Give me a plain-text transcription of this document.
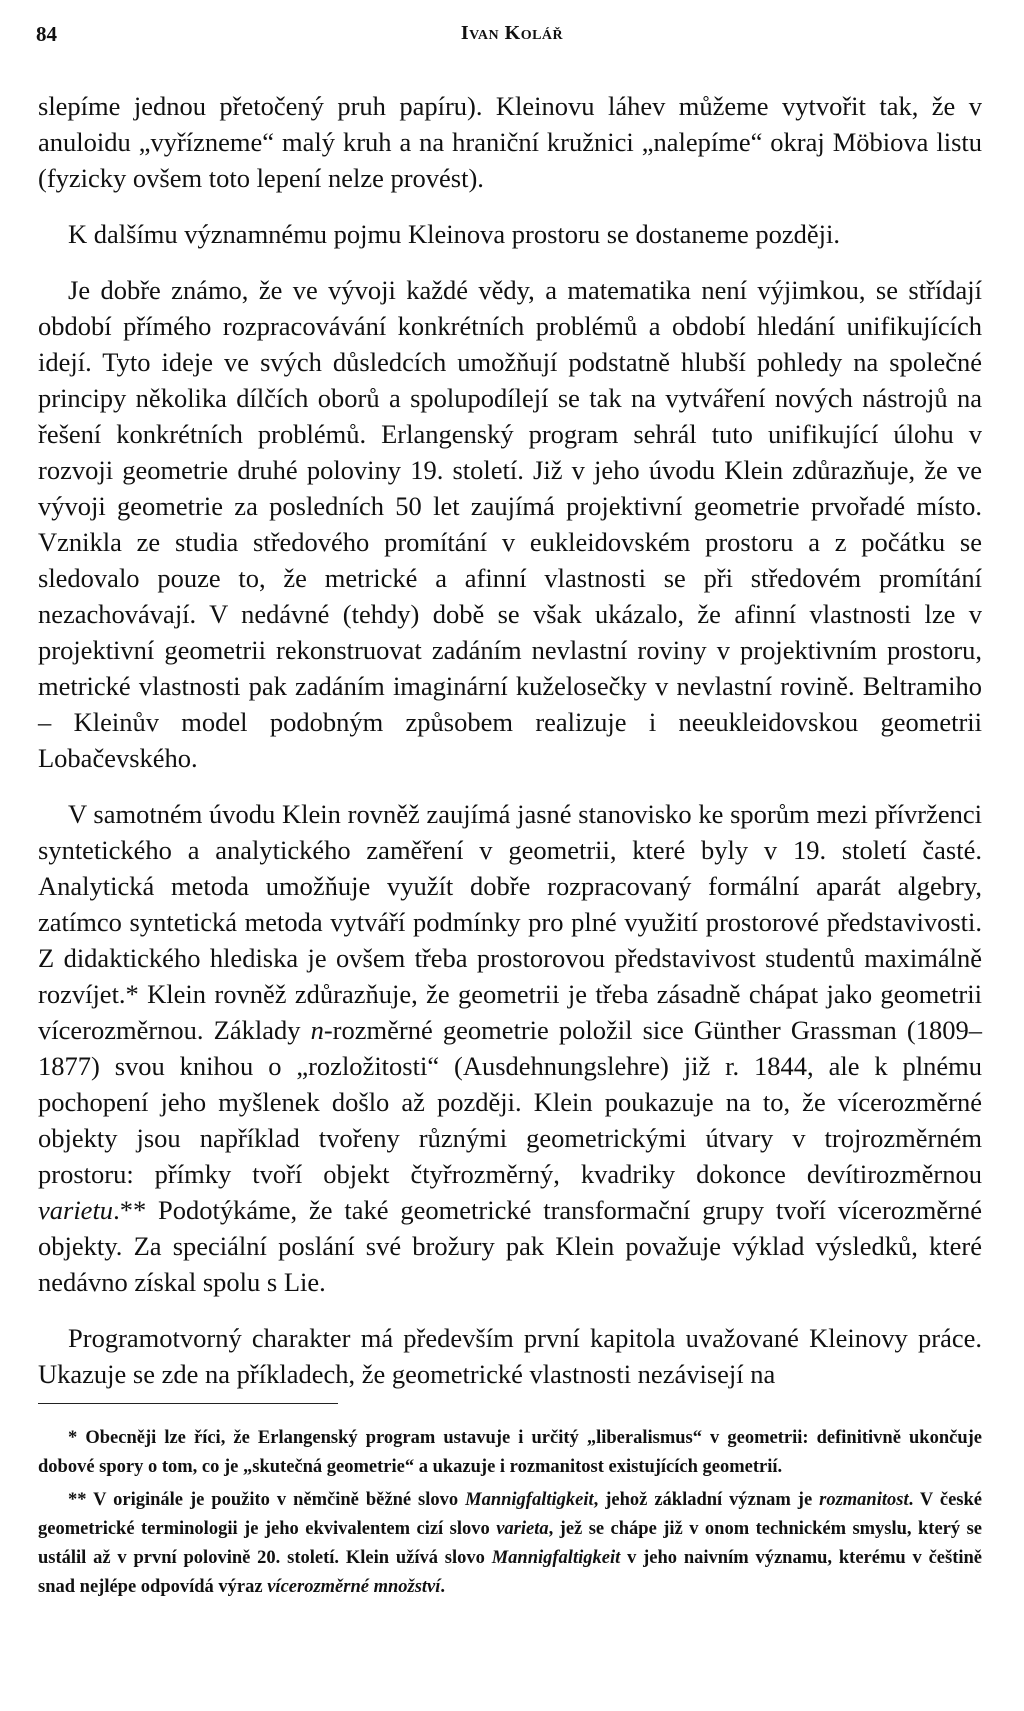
84	Ivan Kolář

slepíme jednou přetočený pruh papíru). Kleinovu láhev můžeme vytvořit tak, že v anuloidu „vyřízneme“ malý kruh a na hraniční kružnici „nalepíme“ okraj Möbiova listu (fyzicky ovšem toto lepení nelze provést).

K dalšímu významnému pojmu Kleinova prostoru se dostaneme později.

Je dobře známo, že ve vývoji každé vědy, a matematika není výjimkou, se střídají období přímého rozpracovávání konkrétních problémů a období hledání unifikujících idejí. Tyto ideje ve svých důsledcích umožňují podstatně hlubší pohledy na společné principy několika dílčích oborů a spolupodílejí se tak na vytváření nových nástrojů na řešení konkrétních problémů. Erlangenský program sehrál tuto unifikující úlohu v rozvoji geometrie druhé poloviny 19. století. Již v jeho úvodu Klein zdůrazňuje, že ve vývoji geometrie za posledních 50 let zaujímá projektivní geometrie prvořadé místo. Vznikla ze studia středového promítání v eukleidovském prostoru a z počátku se sledovalo pouze to, že metrické a afinní vlastnosti se při středovém promítání nezachovávají. V nedávné (tehdy) době se však ukázalo, že afinní vlastnosti lze v projektivní geometrii rekonstruovat zadáním nevlastní roviny v projektivním prostoru, metrické vlastnosti pak zadáním imaginární kuželosečky v nevlastní rovině. Beltramiho – Kleinův model podobným způsobem realizuje i neeukleidovskou geometrii Lobačevského.

V samotném úvodu Klein rovněž zaujímá jasné stanovisko ke sporům mezi přívrženci syntetického a analytického zaměření v geometrii, které byly v 19. století časté. Analytická metoda umožňuje využít dobře rozpracovaný formální aparát algebry, zatímco syntetická metoda vytváří podmínky pro plné využití prostorové představivosti. Z didaktického hlediska je ovšem třeba prostorovou představivost studentů maximálně rozvíjet.* Klein rovněž zdůrazňuje, že geometrii je třeba zásadně chápat jako geometrii vícerozměrnou. Základy n-rozměrné geometrie položil sice Günther Grassman (1809–1877) svou knihou o „rozložitosti“ (Ausdehnungslehre) již r. 1844, ale k plnému pochopení jeho myšlenek došlo až později. Klein poukazuje na to, že vícerozměrné objekty jsou například tvořeny různými geometrickými útvary v trojrozměrném prostoru: přímky tvoří objekt čtyřrozměrný, kvadriky dokonce devítirozměrnou varietu.** Podotýkáme, že také geometrické transformační grupy tvoří vícerozměrné objekty. Za speciální poslání své brožury pak Klein považuje výklad výsledků, které nedávno získal spolu s Lie.

Programotvorný charakter má především první kapitola uvažované Kleinovy práce. Ukazuje se zde na příkladech, že geometrické vlastnosti nezávisejí na

* Obecněji lze říci, že Erlangenský program ustavuje i určitý „liberalismus“ v geometrii: definitivně ukončuje dobové spory o tom, co je „skutečná geometrie“ a ukazuje i rozmanitost existujících geometrií.

** V originále je použito v němčině běžné slovo Mannigfaltigkeit, jehož základní význam je rozmanitost. V české geometrické terminologii je jeho ekvivalentem cizí slovo varieta, jež se chápe již v onom technickém smyslu, který se ustálil až v první polovině 20. století. Klein užívá slovo Mannigfaltigkeit v jeho naivním významu, kterému v češtině snad nejlépe odpovídá výraz vícerozměrné množství.
